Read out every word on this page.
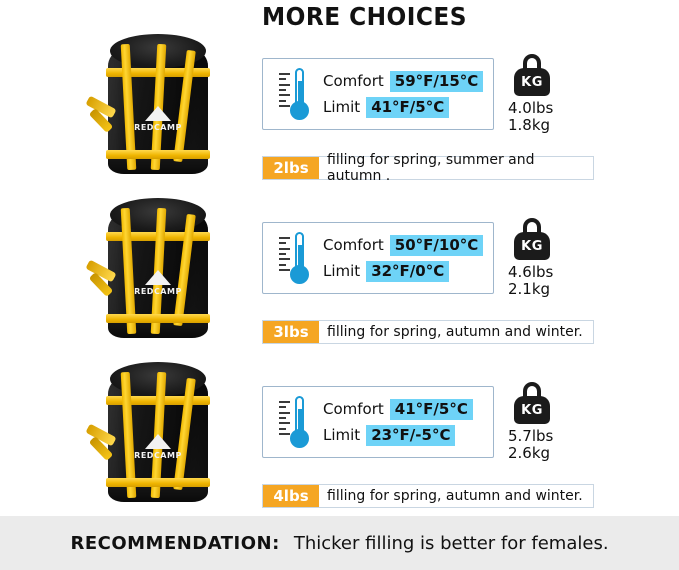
MORE CHOICES
REDCAMP
Comfort 59°F/15°C
Limit 41°F/5°C
KG
4.0lbs
1.8kg
2lbs	filling for spring, summer and autumn .
REDCAMP
Comfort 50°F/10°C
Limit 32°F/0°C
KG
4.6lbs
2.1kg
3lbs	filling for spring, autumn and winter.
REDCAMP
Comfort 41°F/5°C
Limit 23°F/-5°C
KG
5.7lbs
2.6kg
4lbs	filling for spring, autumn and winter.
RECOMMENDATION: Thicker filling is better for females.
